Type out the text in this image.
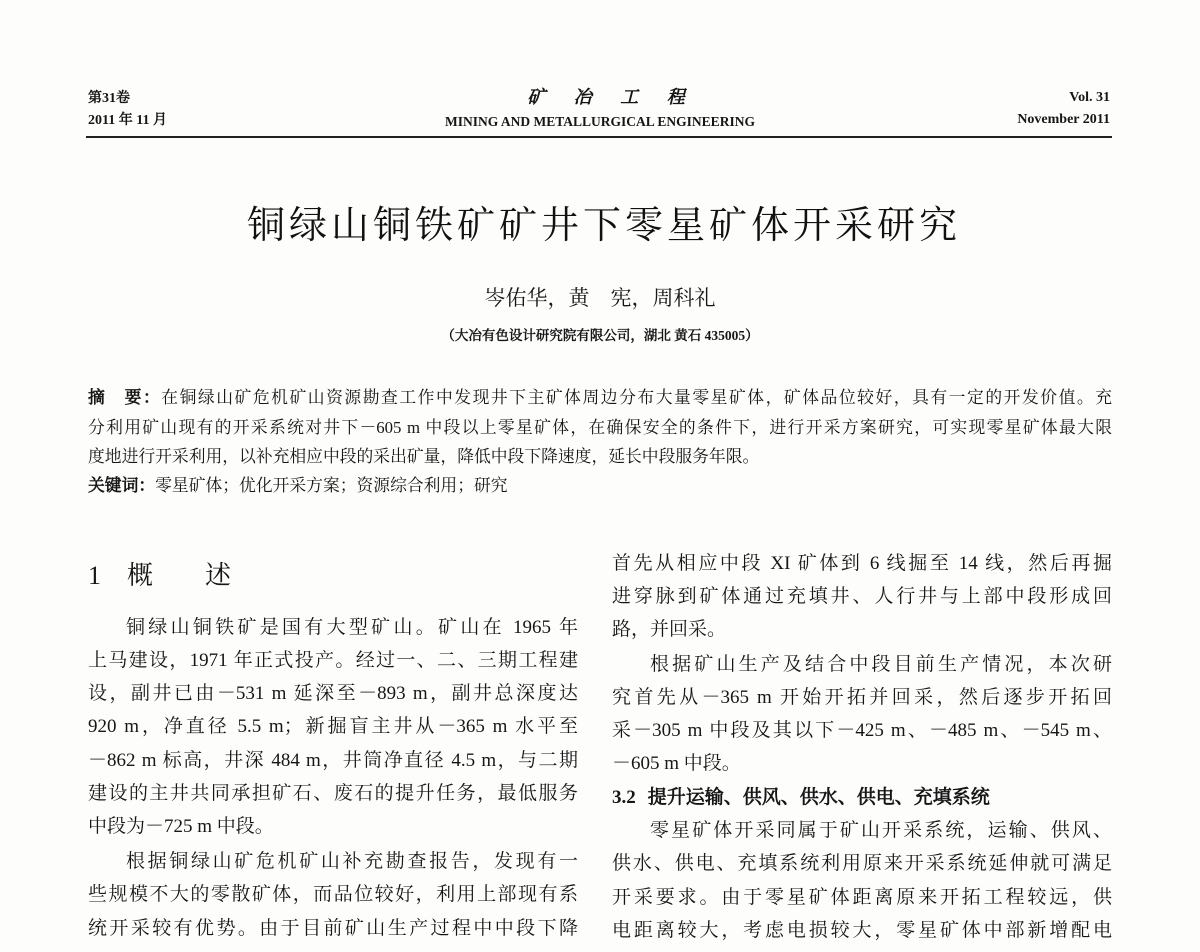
第31卷
2011 年 11 月
矿 冶 工 程
MINING AND METALLURGICAL ENGINEERING
Vol. 31
November 2011
铜绿山铜铁矿矿井下零星矿体开采研究
岑佑华，黄　宪，周科礼
（大冶有色设计研究院有限公司，湖北 黄石 435005）
摘　要：在铜绿山矿危机矿山资源勘查工作中发现井下主矿体周边分布大量零星矿体，矿体品位较好，具有一定的开发价值。充
分利用矿山现有的开采系统对井下－605 m 中段以上零星矿体，在确保安全的条件下，进行开采方案研究，可实现零星矿体最大限
度地进行开采利用，以补充相应中段的采出矿量，降低中段下降速度，延长中段服务年限。
关键词：零星矿体；优化开采方案；资源综合利用；研究
1　 概　　述
铜绿山铜铁矿是国有大型矿山。矿山在 1965 年
上马建设，1971 年正式投产。经过一、二、三期工程建
设，副井已由－531 m 延深至－893 m，副井总深度达
920 m，净直径 5.5 m；新掘盲主井从－365 m 水平至
－862 m 标高，井深 484 m，井筒净直径 4.5 m，与二期
建设的主井共同承担矿石、废石的提升任务，最低服务
中段为－725 m 中段。
根据铜绿山矿危机矿山补充勘查报告，发现有一
些规模不大的零散矿体，而品位较好，利用上部现有系
统开采较有优势。由于目前矿山生产过程中中段下降
首先从相应中段 XI 矿体到 6 线掘至 14 线，然后再掘
进穿脉到矿体通过充填井、人行井与上部中段形成回
路，并回采。
根据矿山生产及结合中段目前生产情况，本次研
究首先从－365 m 开始开拓并回采，然后逐步开拓回
采－305 m 中段及其以下－425 m、－485 m、－545 m、
－605 m 中段。
3.2 提升运输、供风、供水、供电、充填系统
零星矿体开采同属于矿山开采系统，运输、供风、
供水、供电、充填系统利用原来开采系统延伸就可满足
开采要求。由于零星矿体距离原来开拓工程较远，供
电距离较大，考虑电损较大，零星矿体中部新增配电
